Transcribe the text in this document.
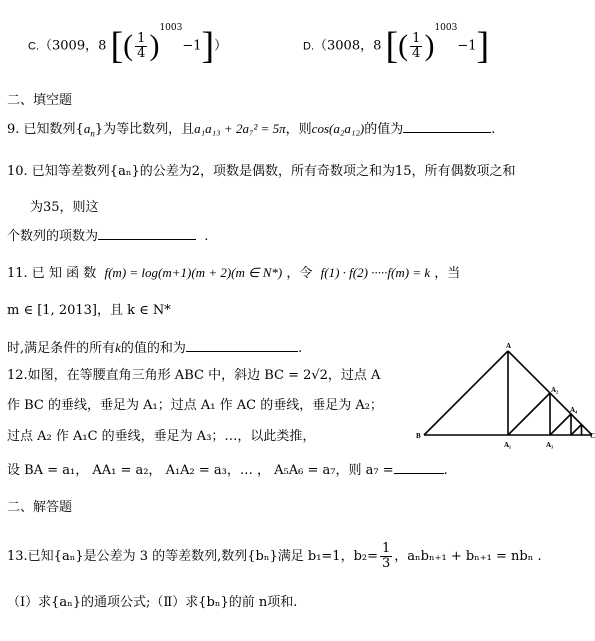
C.（3009，8 [( $\frac{1}{4} )^{1003}-1$]）	D.（3008，8 [( $\frac{1}{4} )^{1003}-1$]
二、填空题
9. 已知数列$\{a_n\}$为等比数列，且a₁a₁₃ + 2a₇² = 5π，则cos(a₂a₁₂)的值为	.
10. 已知等差数列{aₙ}的公差为2，项数是偶数，所有奇数项之和为15，所有偶数项之和
为35，则这
个数列的项数为	.
11. 已 知 函 数 f(m) = log(m+1)(m + 2)(m ∈ N*) ，令 f(1) · f(2) ·····f(m) = k ，当
m ∈ [1, 2013]，且 k ∈ N*
时,满足条件的所有k的值的和为	.
12.如图，在等腰直角三角形 ABC 中，斜边 BC = 2√2，过点 A
作 BC 的垂线，垂足为 A₁；过点 A₁ 作 AC 的垂线，垂足为 A₂；
过点 A₂ 作 A₁C 的垂线，垂足为 A₃；…，以此类推，
设 BA = a₁， AA₁ = a₂， A₁A₂ = a₃，… ， A₅A₆ = a₇，则 a₇ =	.
A
B	C
A₁
A₂
A₃
A₄
二、解答题
13.已知{aₙ}是公差为 3 的等差数列,数列{bₙ}满足 b₁=1，$b_2= \frac{1}{3}$ ，aₙbₙ₊₁ + bₙ₊₁ = nbₙ .
（Ⅰ）求{aₙ}的通项公式;（Ⅱ）求{bₙ}的前 n项和.
